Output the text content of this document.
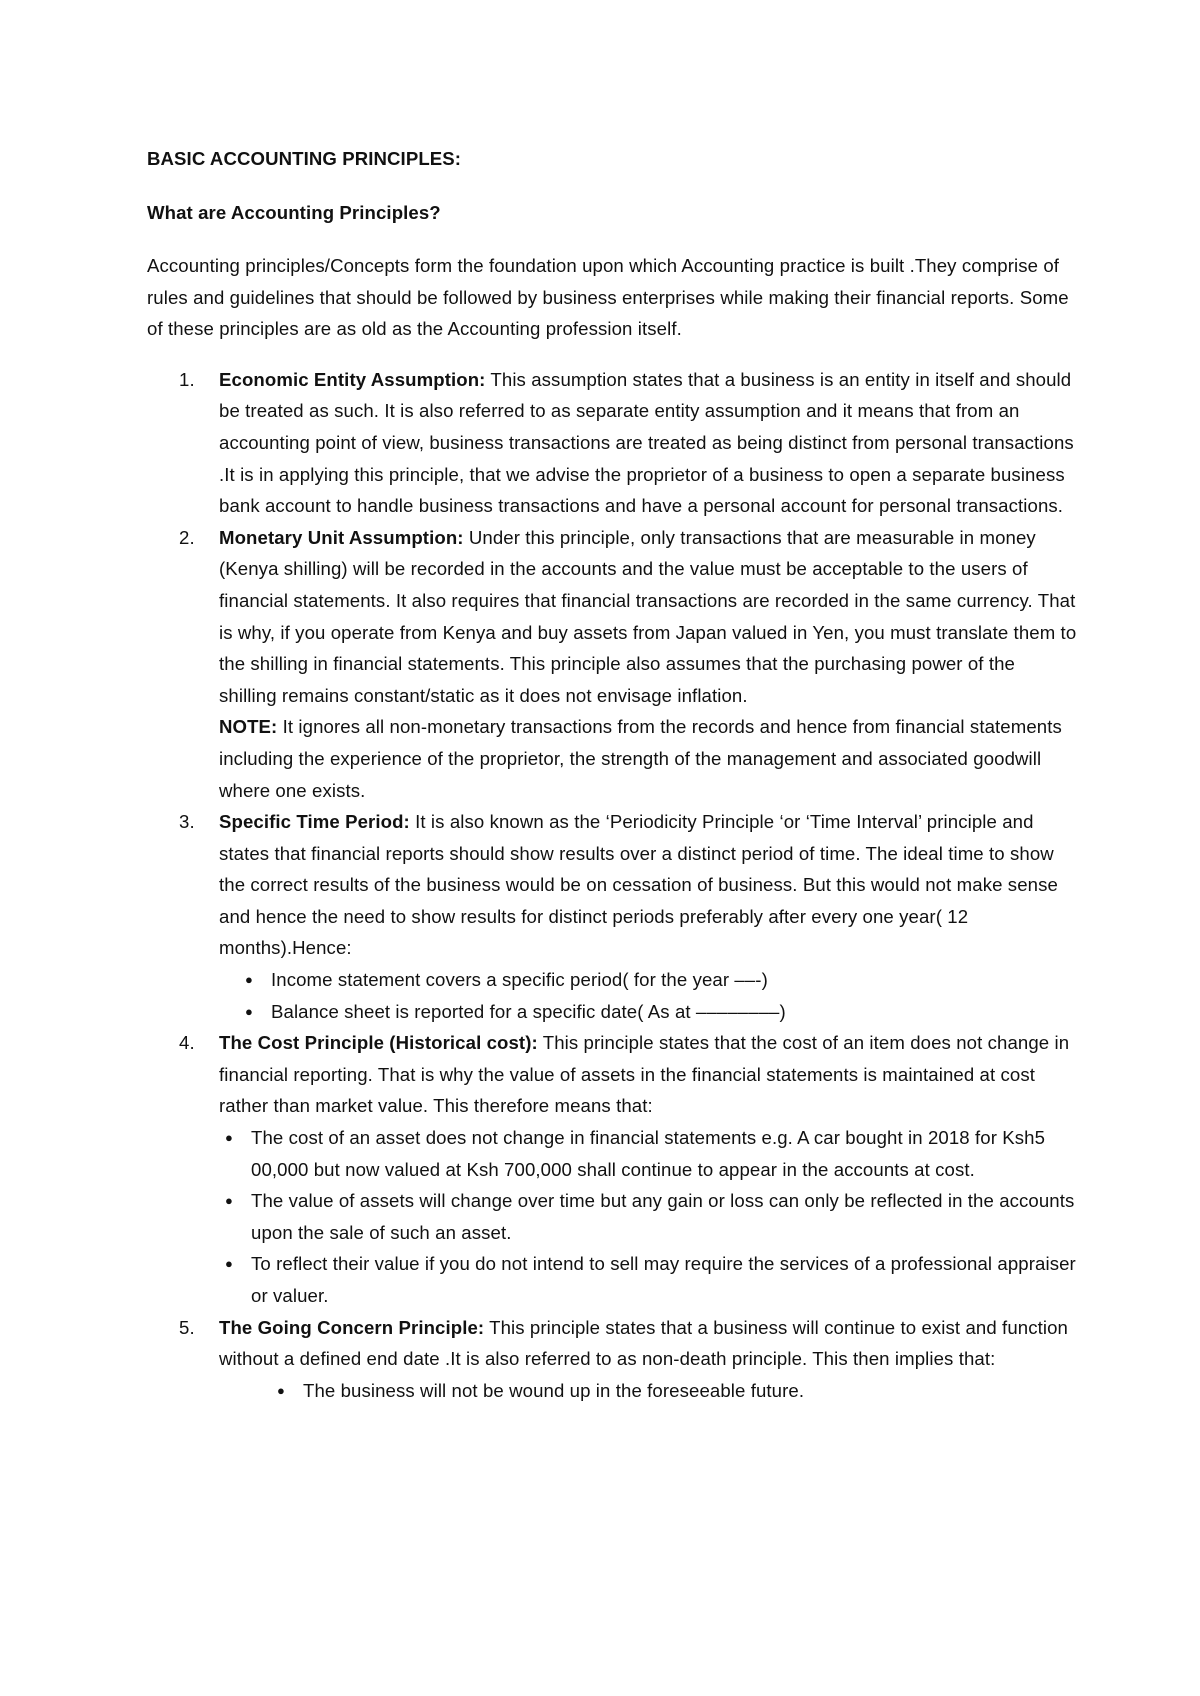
BASIC ACCOUNTING PRINCIPLES:

What are Accounting Principles?

Accounting principles/Concepts form the foundation upon which Accounting practice is built .They comprise of rules and guidelines that should be followed by business enterprises while making their financial reports. Some of these principles are as old as the Accounting profession itself.

1.	Economic Entity Assumption: This assumption states that a business is an entity in itself and should be treated as such. It is also referred to as separate entity assumption and it means that from an accounting point of view, business transactions are treated as being distinct from personal transactions .It is in applying this principle, that we advise the proprietor of a business to open a separate business bank account to handle business transactions and have a personal account for personal transactions.
2.	Monetary Unit Assumption: Under this principle, only transactions that are measurable in money (Kenya shilling) will be recorded in the accounts and the value must be acceptable to the users of financial statements. It also requires that financial transactions are recorded in the same currency. That is why, if you operate from Kenya and buy assets from Japan valued in Yen, you must translate them to the shilling in financial statements. This principle also assumes that the purchasing power of the shilling remains constant/static as it does not envisage inflation.
NOTE: It ignores all non-monetary transactions from the records and hence from financial statements including the experience of the proprietor, the strength of the management and associated goodwill where one exists.
3.	Specific Time Period: It is also known as the ‘Periodicity Principle ‘or ‘Time Interval’ principle and states that financial reports should show results over a distinct period of time. The ideal time to show the correct results of the business would be on cessation of business. But this would not make sense and hence the need to show results for distinct periods preferably after every one year( 12 months).Hence:
● Income statement covers a specific period( for the year ––-)
● Balance sheet is reported for a specific date( As at ––––––––)
4.	The Cost Principle (Historical cost): This principle states that the cost of an item does not change in financial reporting. That is why the value of assets in the financial statements is maintained at cost rather than market value. This therefore means that:
● The cost of an asset does not change in financial statements e.g. A car bought in 2018 for Ksh5 00,000 but now valued at Ksh 700,000 shall continue to appear in the accounts at cost.
● The value of assets will change over time but any gain or loss can only be reflected in the accounts upon the sale of such an asset.
● To reflect their value if you do not intend to sell may require the services of a professional appraiser or valuer.
5.	The Going Concern Principle: This principle states that a business will continue to exist and function without a defined end date .It is also referred to as non-death principle. This then implies that:
● The business will not be wound up in the foreseeable future.
